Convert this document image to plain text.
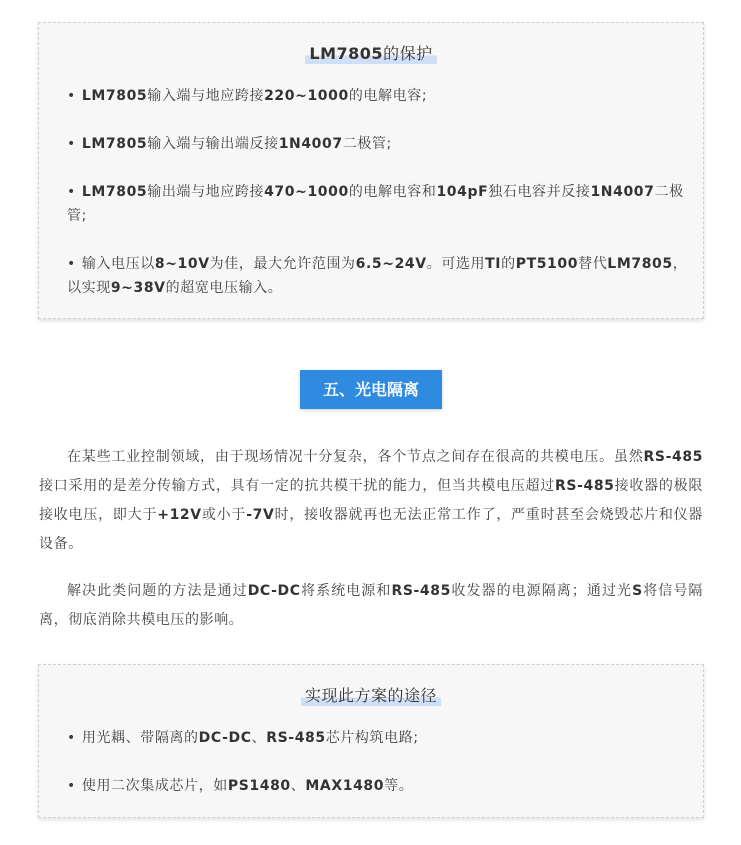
LM7805的保护
• LM7805输入端与地应跨接220~1000的电解电容;
• LM7805输入端与输出端反接1N4007二极管;
• LM7805输出端与地应跨接470~1000的电解电容和104pF独石电容并反接1N4007二极管;
• 输入电压以8~10V为佳，最大允许范围为6.5~24V。可选用TI的PT5100替代LM7805，以实现9~38V的超宽电压输入。
五、光电隔离
在某些工业控制领域，由于现场情况十分复杂，各个节点之间存在很高的共模电压。虽然RS-485接口采用的是差分传输方式，具有一定的抗共模干扰的能力，但当共模电压超过RS-485接收器的极限接收电压，即大于+12V或小于-7V时，接收器就再也无法正常工作了，严重时甚至会烧毁芯片和仪器设备。
解决此类问题的方法是通过DC-DC将系统电源和RS-485收发器的电源隔离；通过光S将信号隔离，彻底消除共模电压的影响。
实现此方案的途径
• 用光耦、带隔离的DC-DC、RS-485芯片构筑电路;
• 使用二次集成芯片，如PS1480、MAX1480等。
